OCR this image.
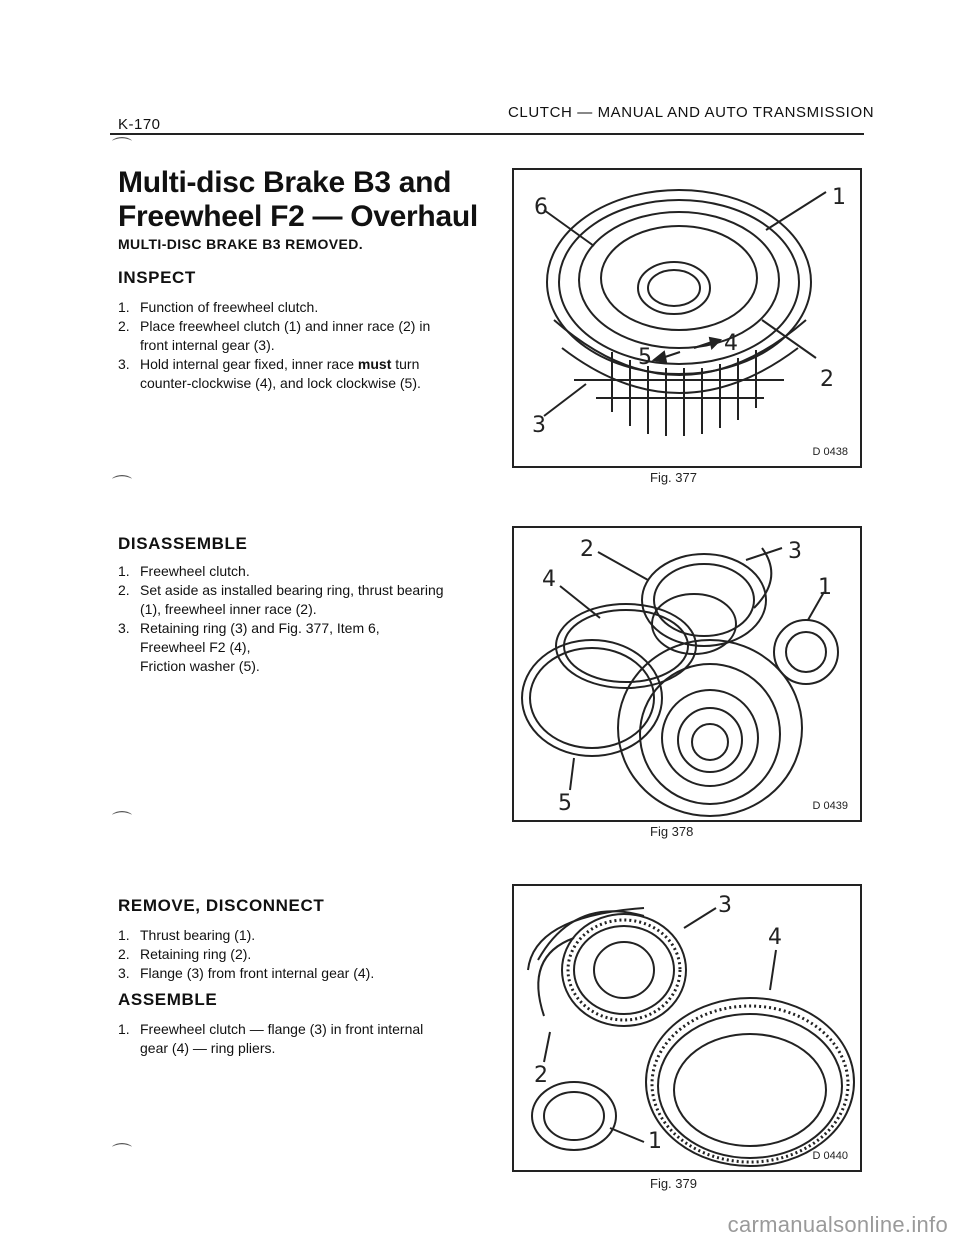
K-170
CLUTCH — MANUAL AND AUTO TRANSMISSION
⌒
⌒
⌒
⌒
Multi-disc Brake B3 and
Freewheel F2 — Overhaul
MULTI-DISC BRAKE B3 REMOVED.
INSPECT
1. Function of freewheel clutch.
2. Place freewheel clutch (1) and inner race (2) in front internal gear (3).
3. Hold internal gear fixed, inner race must turn counter-clockwise (4), and lock clockwise (5).
DISASSEMBLE
1. Freewheel clutch.
2. Set aside as installed bearing ring, thrust bearing (1), freewheel inner race (2).
3. Retaining ring (3) and Fig. 377, Item 6,
Freewheel F2 (4),
Friction washer (5).
REMOVE, DISCONNECT
1. Thrust bearing (1).
2. Retaining ring (2).
3. Flange (3) from front internal gear (4).
ASSEMBLE
1. Freewheel clutch — flange (3) in front internal gear (4) — ring pliers.
6	1
5
4
2
3
D 0438
Fig. 377
2	3
4	1
5	D 0439
Fig 378
3
4
2
1
D 0440
Fig. 379
carmanualsonline.info
